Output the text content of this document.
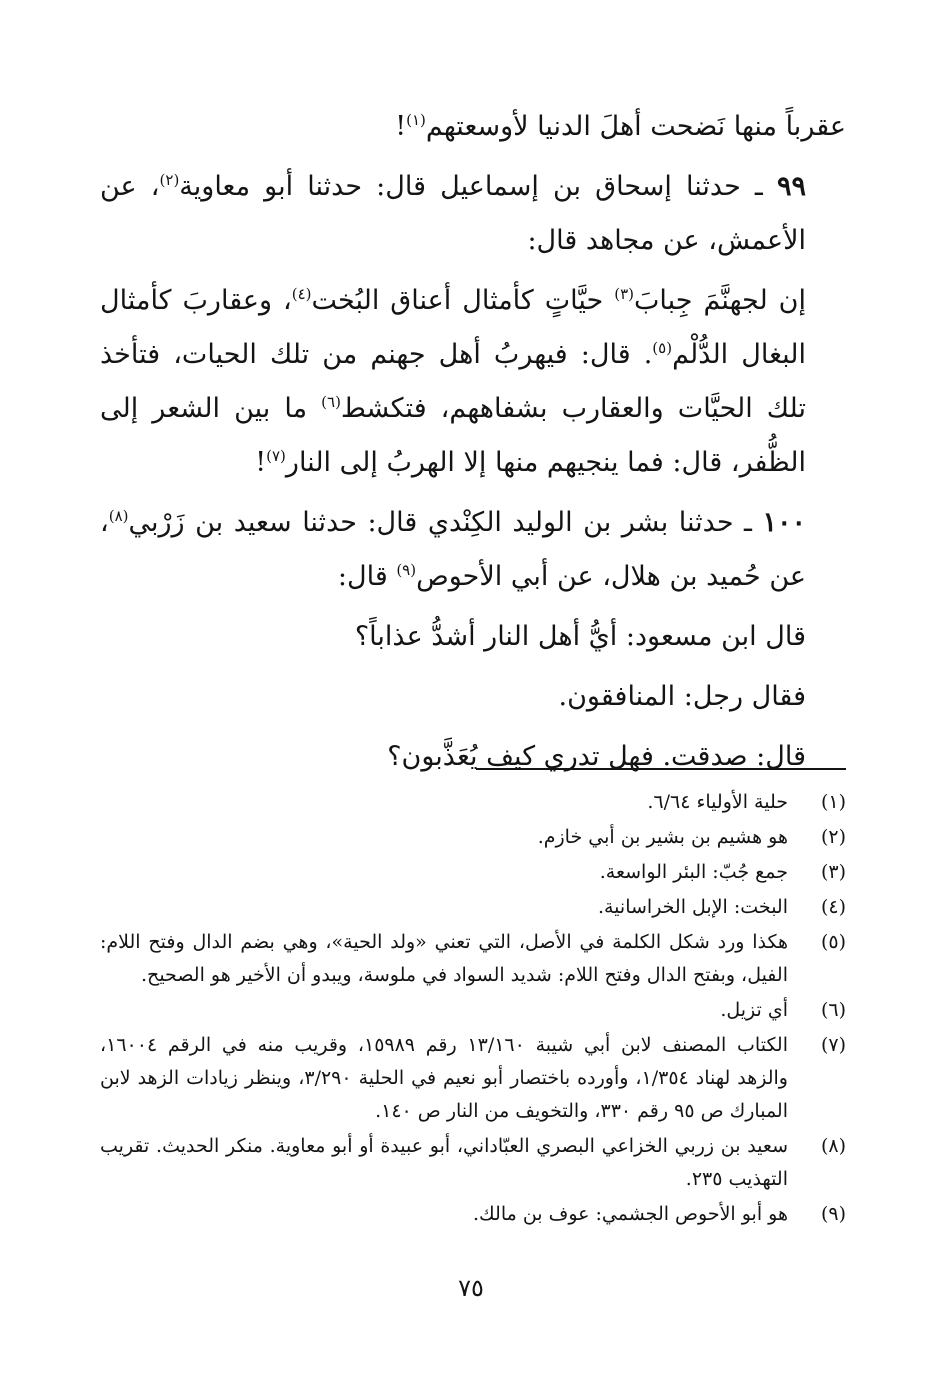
عقرباً منها نَضحت أهلَ الدنيا لأوسعتهم$^{(١)}$!

٩٩ ـ حدثنا إسحاق بن إسماعيل قال: حدثنا أبو معاوية$^{(٢)}$، عن الأعمش، عن مجاهد قال:

إن لجهنَّمَ جِبابَ$^{(٣)}$ حيَّاتٍ كأمثال أعناق البُخت$^{(٤)}$، وعقاربَ كأمثال البغال الدُّلْم$^{(٥)}$. قال: فيهربُ أهل جهنم من تلك الحيات، فتأخذ تلك الحيَّات والعقارب بشفاههم، فتكشط$^{(٦)}$ ما بين الشعر إلى الظُّفر، قال: فما ينجيهم منها إلا الهربُ إلى النار$^{(٧)}$!

١٠٠ ـ حدثنا بشر بن الوليد الكِنْدي قال: حدثنا سعيد بن زَرْبي$^{(٨)}$، عن حُميد بن هلال، عن أبي الأحوص$^{(٩)}$ قال:

قال ابن مسعود: أيُّ أهل النار أشدُّ عذاباً؟

فقال رجل: المنافقون.

قال: صدقت. فهل تدري كيف يُعَذَّبون؟

(١)
حلية الأولياء ٦/٦٤.
(٢)
هو هشيم بن بشير بن أبي خازم.
(٣)
جمع جُبّ: البئر الواسعة.
(٤)
البخت: الإبل الخراسانية.
(٥)
هكذا ورد شكل الكلمة في الأصل، التي تعني «ولد الحية»، وهي بضم الدال وفتح اللام: الفيل، وبفتح الدال وفتح اللام: شديد السواد في ملوسة، ويبدو أن الأخير هو الصحيح.
(٦)
أي تزيل.
(٧)
الكتاب المصنف لابن أبي شيبة ١٣/١٦٠ رقم ١٥٩٨٩، وقريب منه في الرقم ١٦٠٠٤، والزهد لهناد ١/٣٥٤، وأورده باختصار أبو نعيم في الحلية ٣/٢٩٠، وينظر زيادات الزهد لابن المبارك ص ٩٥ رقم ٣٣٠، والتخويف من النار ص ١٤٠.
(٨)
سعيد بن زربي الخزاعي البصري العبّاداني، أبو عبيدة أو أبو معاوية. منكر الحديث. تقريب التهذيب ٢٣٥.
(٩)
هو أبو الأحوص الجشمي: عوف بن مالك.
٧٥
